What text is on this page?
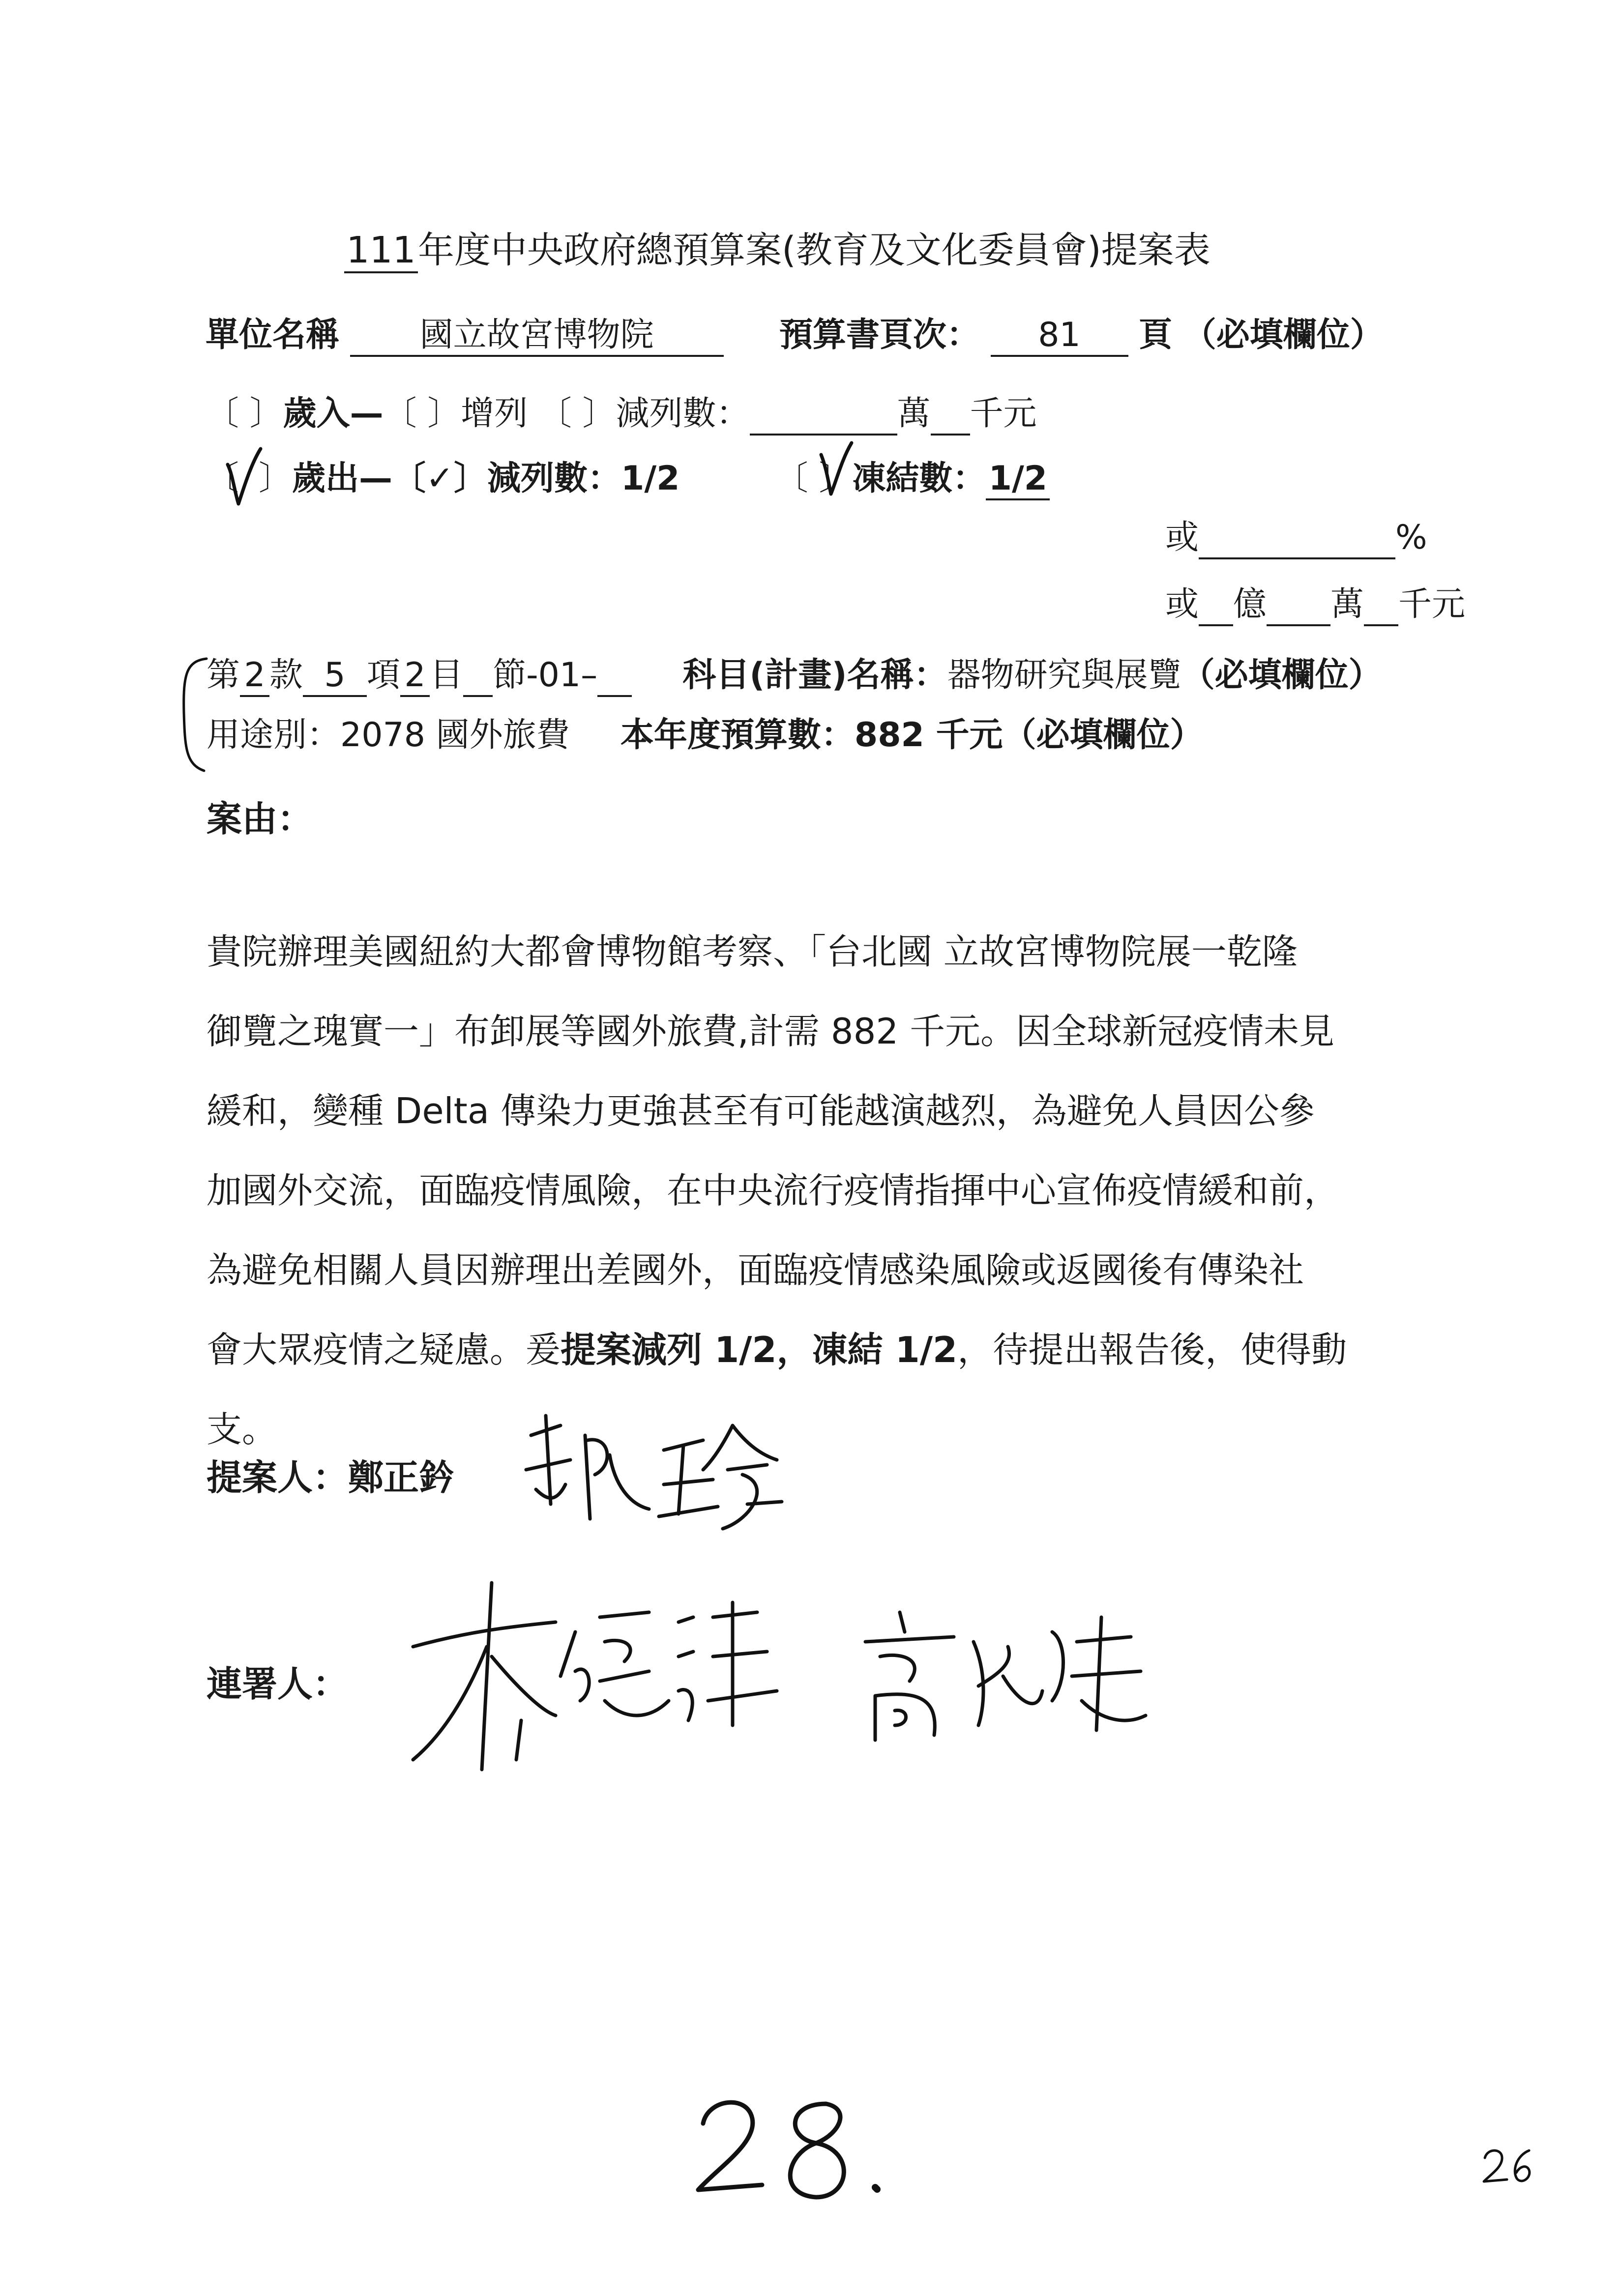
111年度中央政府總預算案(教育及文化委員會)提案表
單位名稱 國立故宮博物院	預算書頁次： 81 頁 （必填欄位）
〔 〕歲入—〔 〕增列 〔 〕減列數：	萬 千元
〔 〕歲出—〔✓〕減列數：1/2	〔 〕凍結數：1/2
或	%
或 億 萬 千元
第 2 款 5 項 2 目 節-01–	科目(計畫)名稱：器物研究與展覽（必填欄位）
用途別：2078 國外旅費 本年度預算數：882 千元（必填欄位）
案由：

貴院辦理美國紐約大都會博物館考察、「台北國 立故宮博物院展一乾隆

御覽之瑰實一」布卸展等國外旅費,計需 882 千元。因全球新冠疫情未見

緩和，變種 Delta 傳染力更強甚至有可能越演越烈，為避免人員因公參

加國外交流，面臨疫情風險，在中央流行疫情指揮中心宣佈疫情緩和前，

為避免相關人員因辦理出差國外，面臨疫情感染風險或返國後有傳染社

會大眾疫情之疑慮。爰提案減列 1/2，凍結 1/2，待提出報告後，使得動

支。

提案人：鄭正鈐
連署人：
